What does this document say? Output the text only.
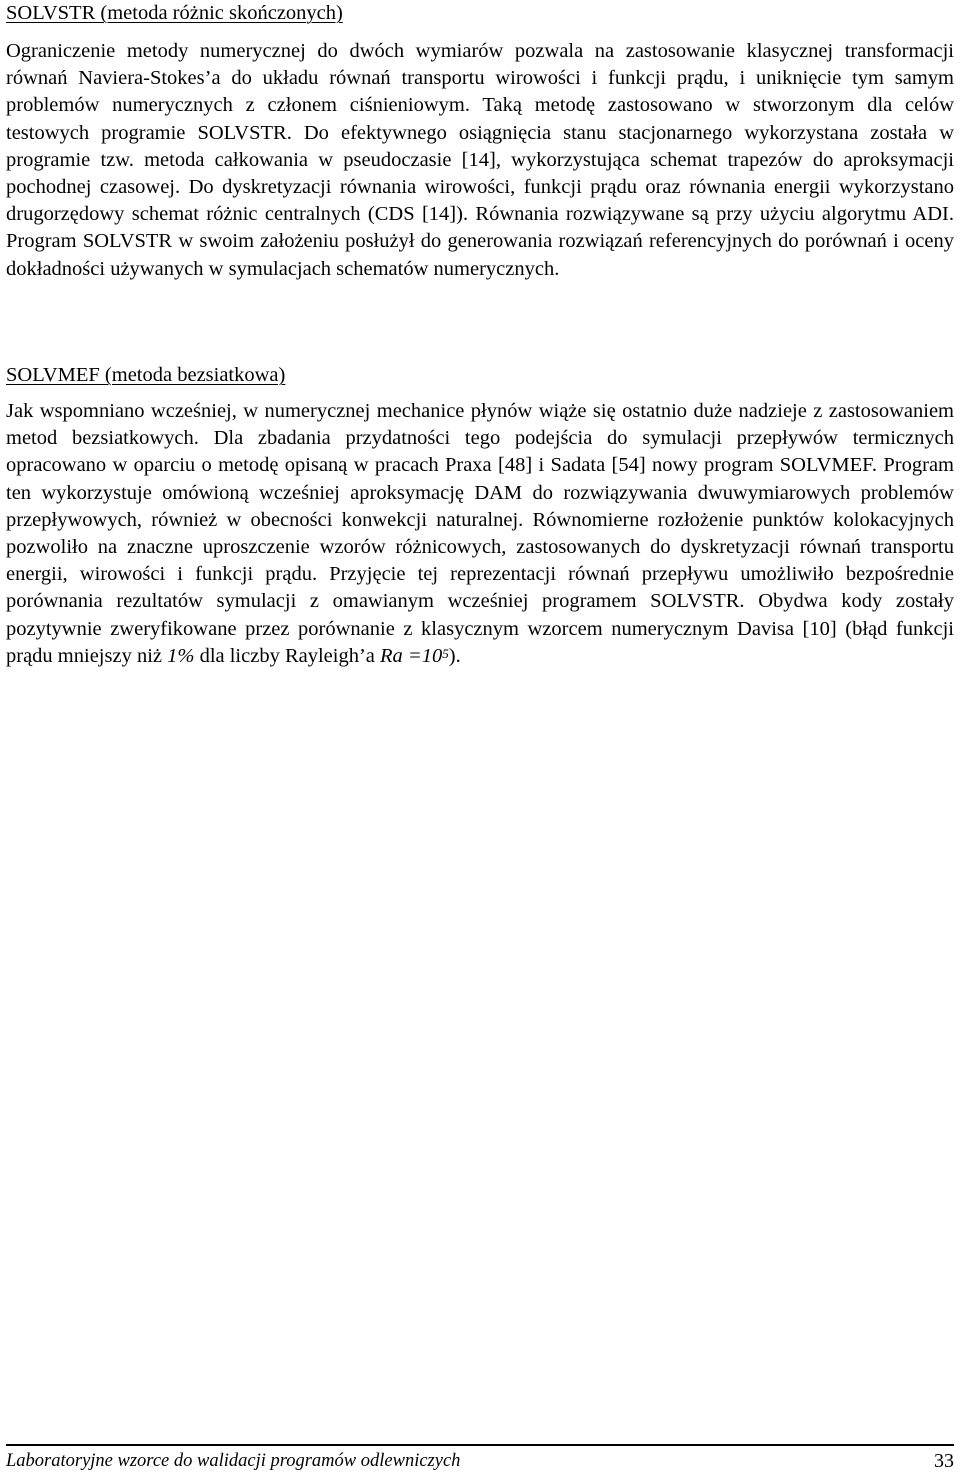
SOLVSTR (metoda różnic skończonych)

Ograniczenie metody numerycznej do dwóch wymiarów pozwala na zastosowanie klasycznej transformacji równań Naviera-Stokes’a do układu równań transportu wirowości i funkcji prądu, i uniknięcie tym samym problemów numerycznych z członem ciśnieniowym. Taką metodę zastosowano w stworzonym dla celów testowych programie SOLVSTR. Do efektywnego osiągnięcia stanu stacjonarnego wykorzystana została w programie tzw. metoda całkowania w pseudoczasie [14], wykorzystująca schemat trapezów do aproksymacji pochodnej czasowej. Do dyskretyzacji równania wirowości, funkcji prądu oraz równania energii wykorzystano drugorzędowy schemat różnic centralnych (CDS [14]). Równania rozwiązywane są przy użyciu algorytmu ADI. Program SOLVSTR w swoim założeniu posłużył do generowania rozwiązań referencyjnych do porównań i oceny dokładności używanych w symulacjach schematów numerycznych.

SOLVMEF (metoda bezsiatkowa)

Jak wspomniano wcześniej, w numerycznej mechanice płynów wiąże się ostatnio duże nadzieje z zastosowaniem metod bezsiatkowych. Dla zbadania przydatności tego podejścia do symulacji przepływów termicznych opracowano w oparciu o metodę opisaną w pracach Praxa [48] i Sadata [54] nowy program SOLVMEF. Program ten wykorzystuje omówioną wcześniej aproksymację DAM do rozwiązywania dwuwymiarowych problemów przepływowych, również w obecności konwekcji naturalnej. Równomierne rozłożenie punktów kolokacyjnych pozwoliło na znaczne uproszczenie wzorów różnicowych, zastosowanych do dyskretyzacji równań transportu energii, wirowości i funkcji prądu. Przyjęcie tej reprezentacji równań przepływu umożliwiło bezpośrednie porównania rezultatów symulacji z omawianym wcześniej programem SOLVSTR. Obydwa kody zostały pozytywnie zweryfikowane przez porównanie z klasycznym wzorcem numerycznym Davisa [10] (błąd funkcji prądu mniejszy niż 1% dla liczby Rayleigh’a $Ra =10^5$).

Laboratoryjne wzorce do walidacji programów odlewniczych	33
